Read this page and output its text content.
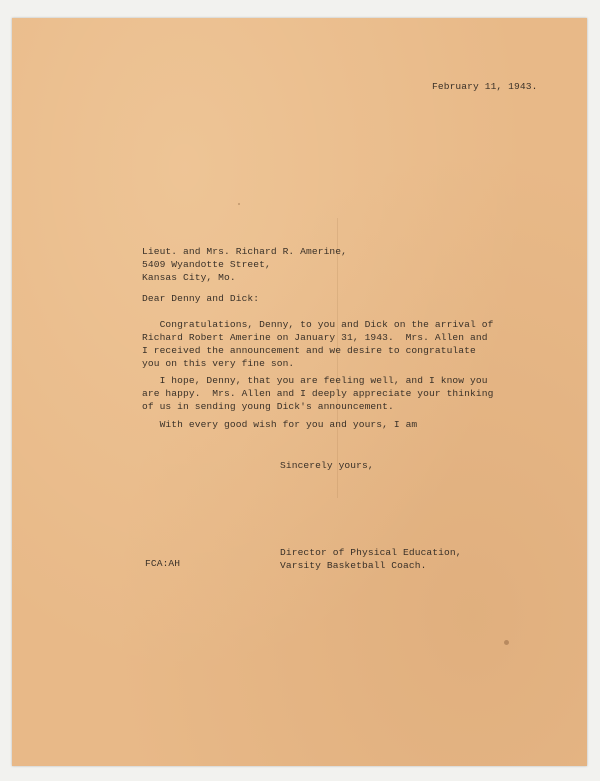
February 11, 1943.
Lieut. and Mrs. Richard R. Amerine,
5409 Wyandotte Street,
Kansas City, Mo.
Dear Denny and Dick:
Congratulations, Denny, to you and Dick on the arrival of
Richard Robert Amerine on January 31, 1943.  Mrs. Allen and
I received the announcement and we desire to congratulate
you on this very fine son.
I hope, Denny, that you are feeling well, and I know you
are happy.  Mrs. Allen and I deeply appreciate your thinking
of us in sending young Dick's announcement.
With every good wish for you and yours, I am
Sincerely yours,
Director of Physical Education,
Varsity Basketball Coach.
FCA:AH
